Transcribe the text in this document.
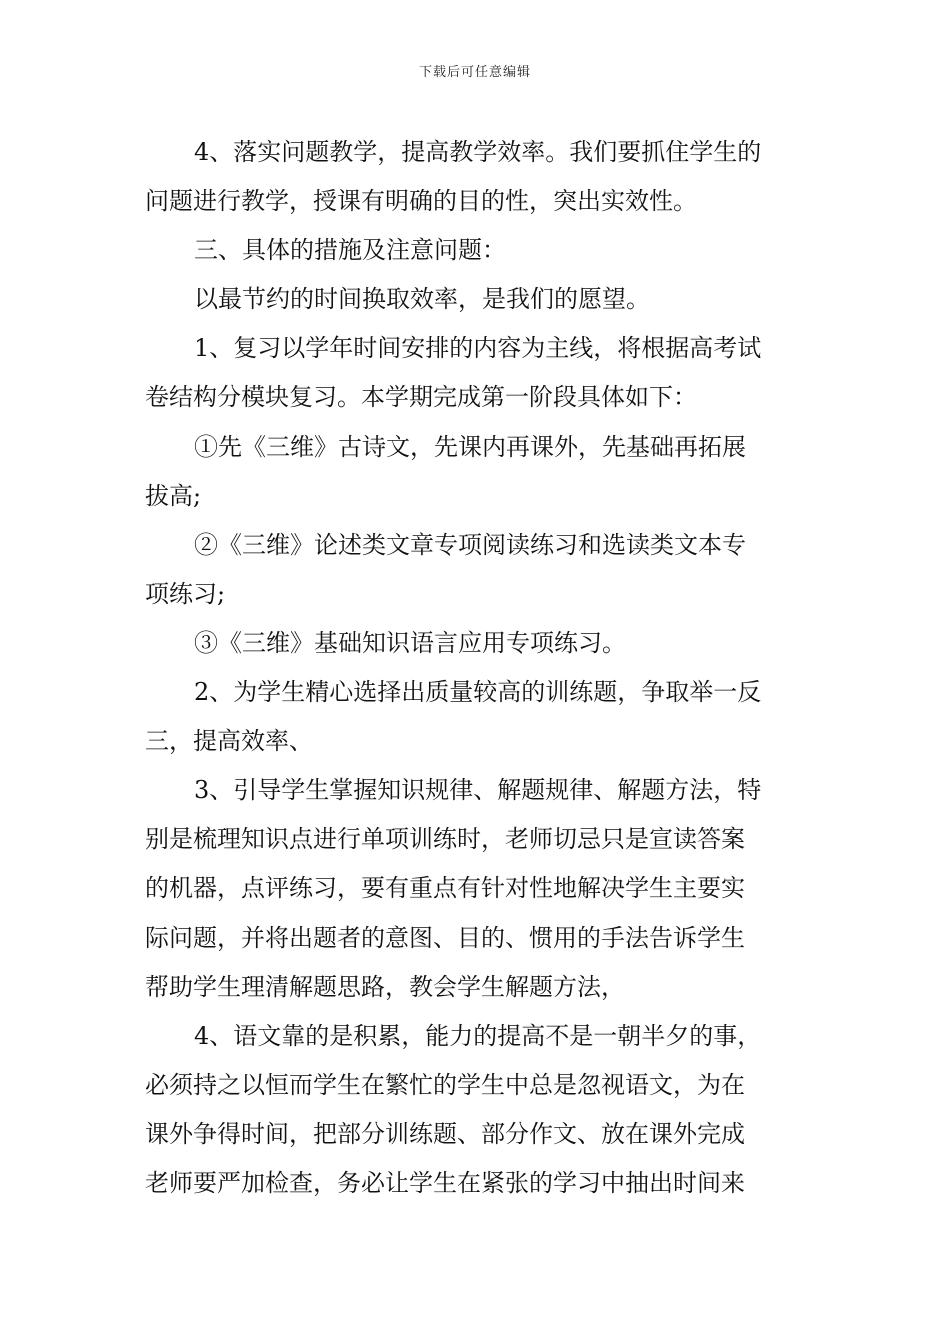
下载后可任意编辑
4、落实问题教学，提高教学效率。我们要抓住学生的
问题进行教学，授课有明确的目的性，突出实效性。
三、具体的措施及注意问题：
以最节约的时间换取效率，是我们的愿望。
1、复习以学年时间安排的内容为主线，将根据高考试
卷结构分模块复习。本学期完成第一阶段具体如下：
①先《三维》古诗文，先课内再课外，先基础再拓展
拔高;
②《三维》论述类文章专项阅读练习和选读类文本专
项练习;
③《三维》基础知识语言应用专项练习。
2、为学生精心选择出质量较高的训练题，争取举一反
三，提高效率、
3、引导学生掌握知识规律、解题规律、解题方法，特
别是梳理知识点进行单项训练时，老师切忌只是宣读答案
的机器，点评练习，要有重点有针对性地解决学生主要实
际问题，并将出题者的意图、目的、惯用的手法告诉学生
帮助学生理清解题思路，教会学生解题方法，
4、语文靠的是积累，能力的提高不是一朝半夕的事，
必须持之以恒而学生在繁忙的学生中总是忽视语文，为在
课外争得时间，把部分训练题、部分作文、放在课外完成
老师要严加检查，务必让学生在紧张的学习中抽出时间来
